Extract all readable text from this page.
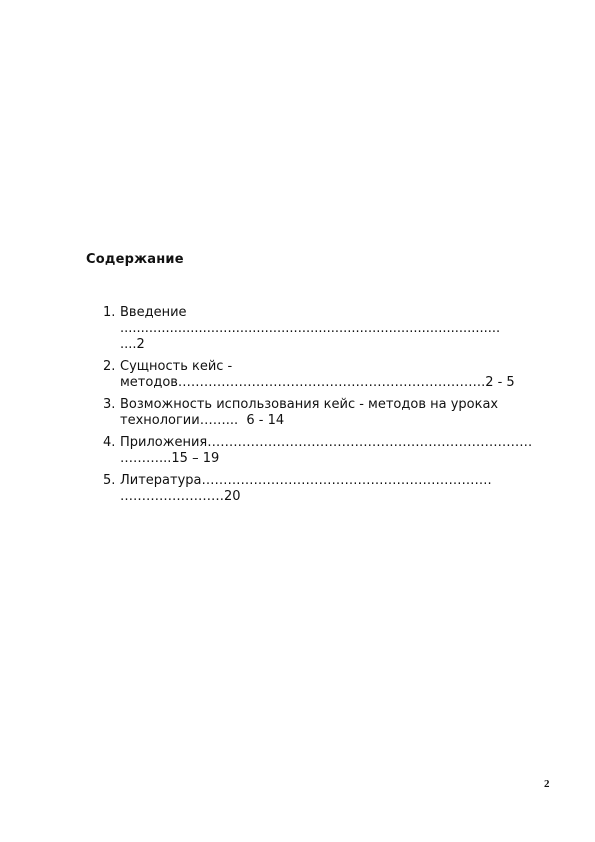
Содержание
1. Введение
............................................................................................
....2
2. Сущность кейс -
методов……………………………………………………………..2 - 5
3. Возможность использования кейс - методов на уроках
технологии……...  6 - 14
4. Приложения…………………………………………………………………
………...15 – 19
5. Литература………………………………………………………….
……………………20
2
